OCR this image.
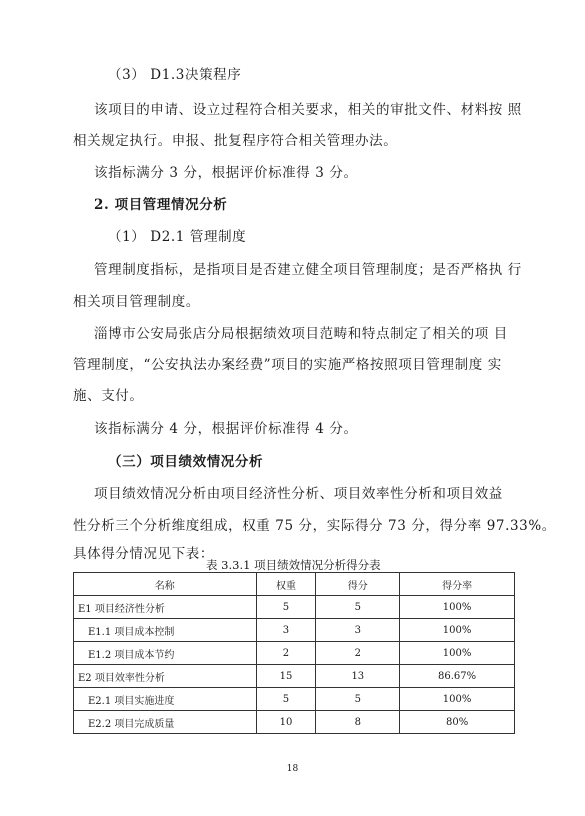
（3） D1.3决策程序
该项目的申请、设立过程符合相关要求，相关的审批文件、材料按 照
相关规定执行。申报、批复程序符合相关管理办法。
该指标满分 3 分，根据评价标准得 3 分。
2. 项目管理情况分析
（1） D2.1 管理制度
管理制度指标，是指项目是否建立健全项目管理制度；是否严格执 行
相关项目管理制度。
淄博市公安局张店分局根据绩效项目范畴和特点制定了相关的项 目
管理制度，“公安执法办案经费”项目的实施严格按照项目管理制度 实
施、支付。
该指标满分 4 分，根据评价标准得 4 分。
（三）项目绩效情况分析
项目绩效情况分析由项目经济性分析、项目效率性分析和项目效益
性分析三个分析维度组成，权重 75 分，实际得分 73 分，得分率 97.33%。
具体得分情况见下表：
表 3.3.1 项目绩效情况分析得分表
名称	权重	得分	得分率
E1 项目经济性分析	5	5	100%
E1.1 项目成本控制	3	3	100%
E1.2 项目成本节约	2	2	100%
E2 项目效率性分析	15	13	86.67%
E2.1 项目实施进度	5	5	100%
E2.2 项目完成质量	10	8	80%
18
